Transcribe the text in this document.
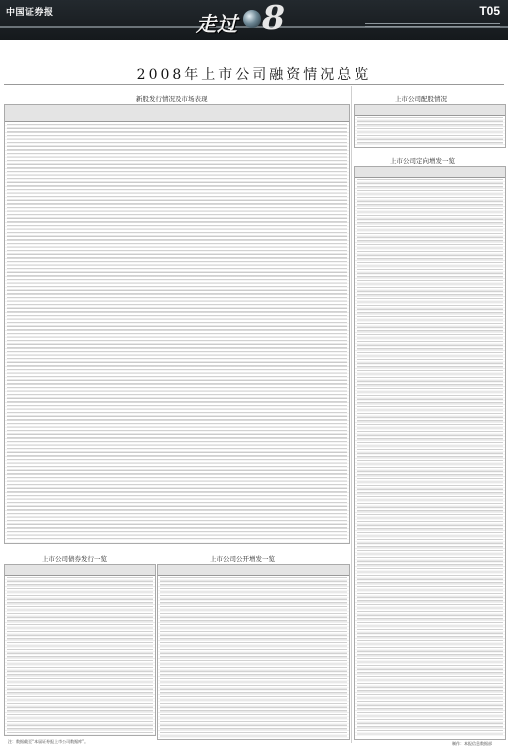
中国证券报	走过 8	T05
2008年上市公司融资情况总览
新股发行情况及市场表现	上市公司配股情况
上市公司定向增发一览
上市公司债券发行一览	上市公司公开增发一览
注：数据截至“本届证券报上市公司数据库”。	制作：本报信息数据部
